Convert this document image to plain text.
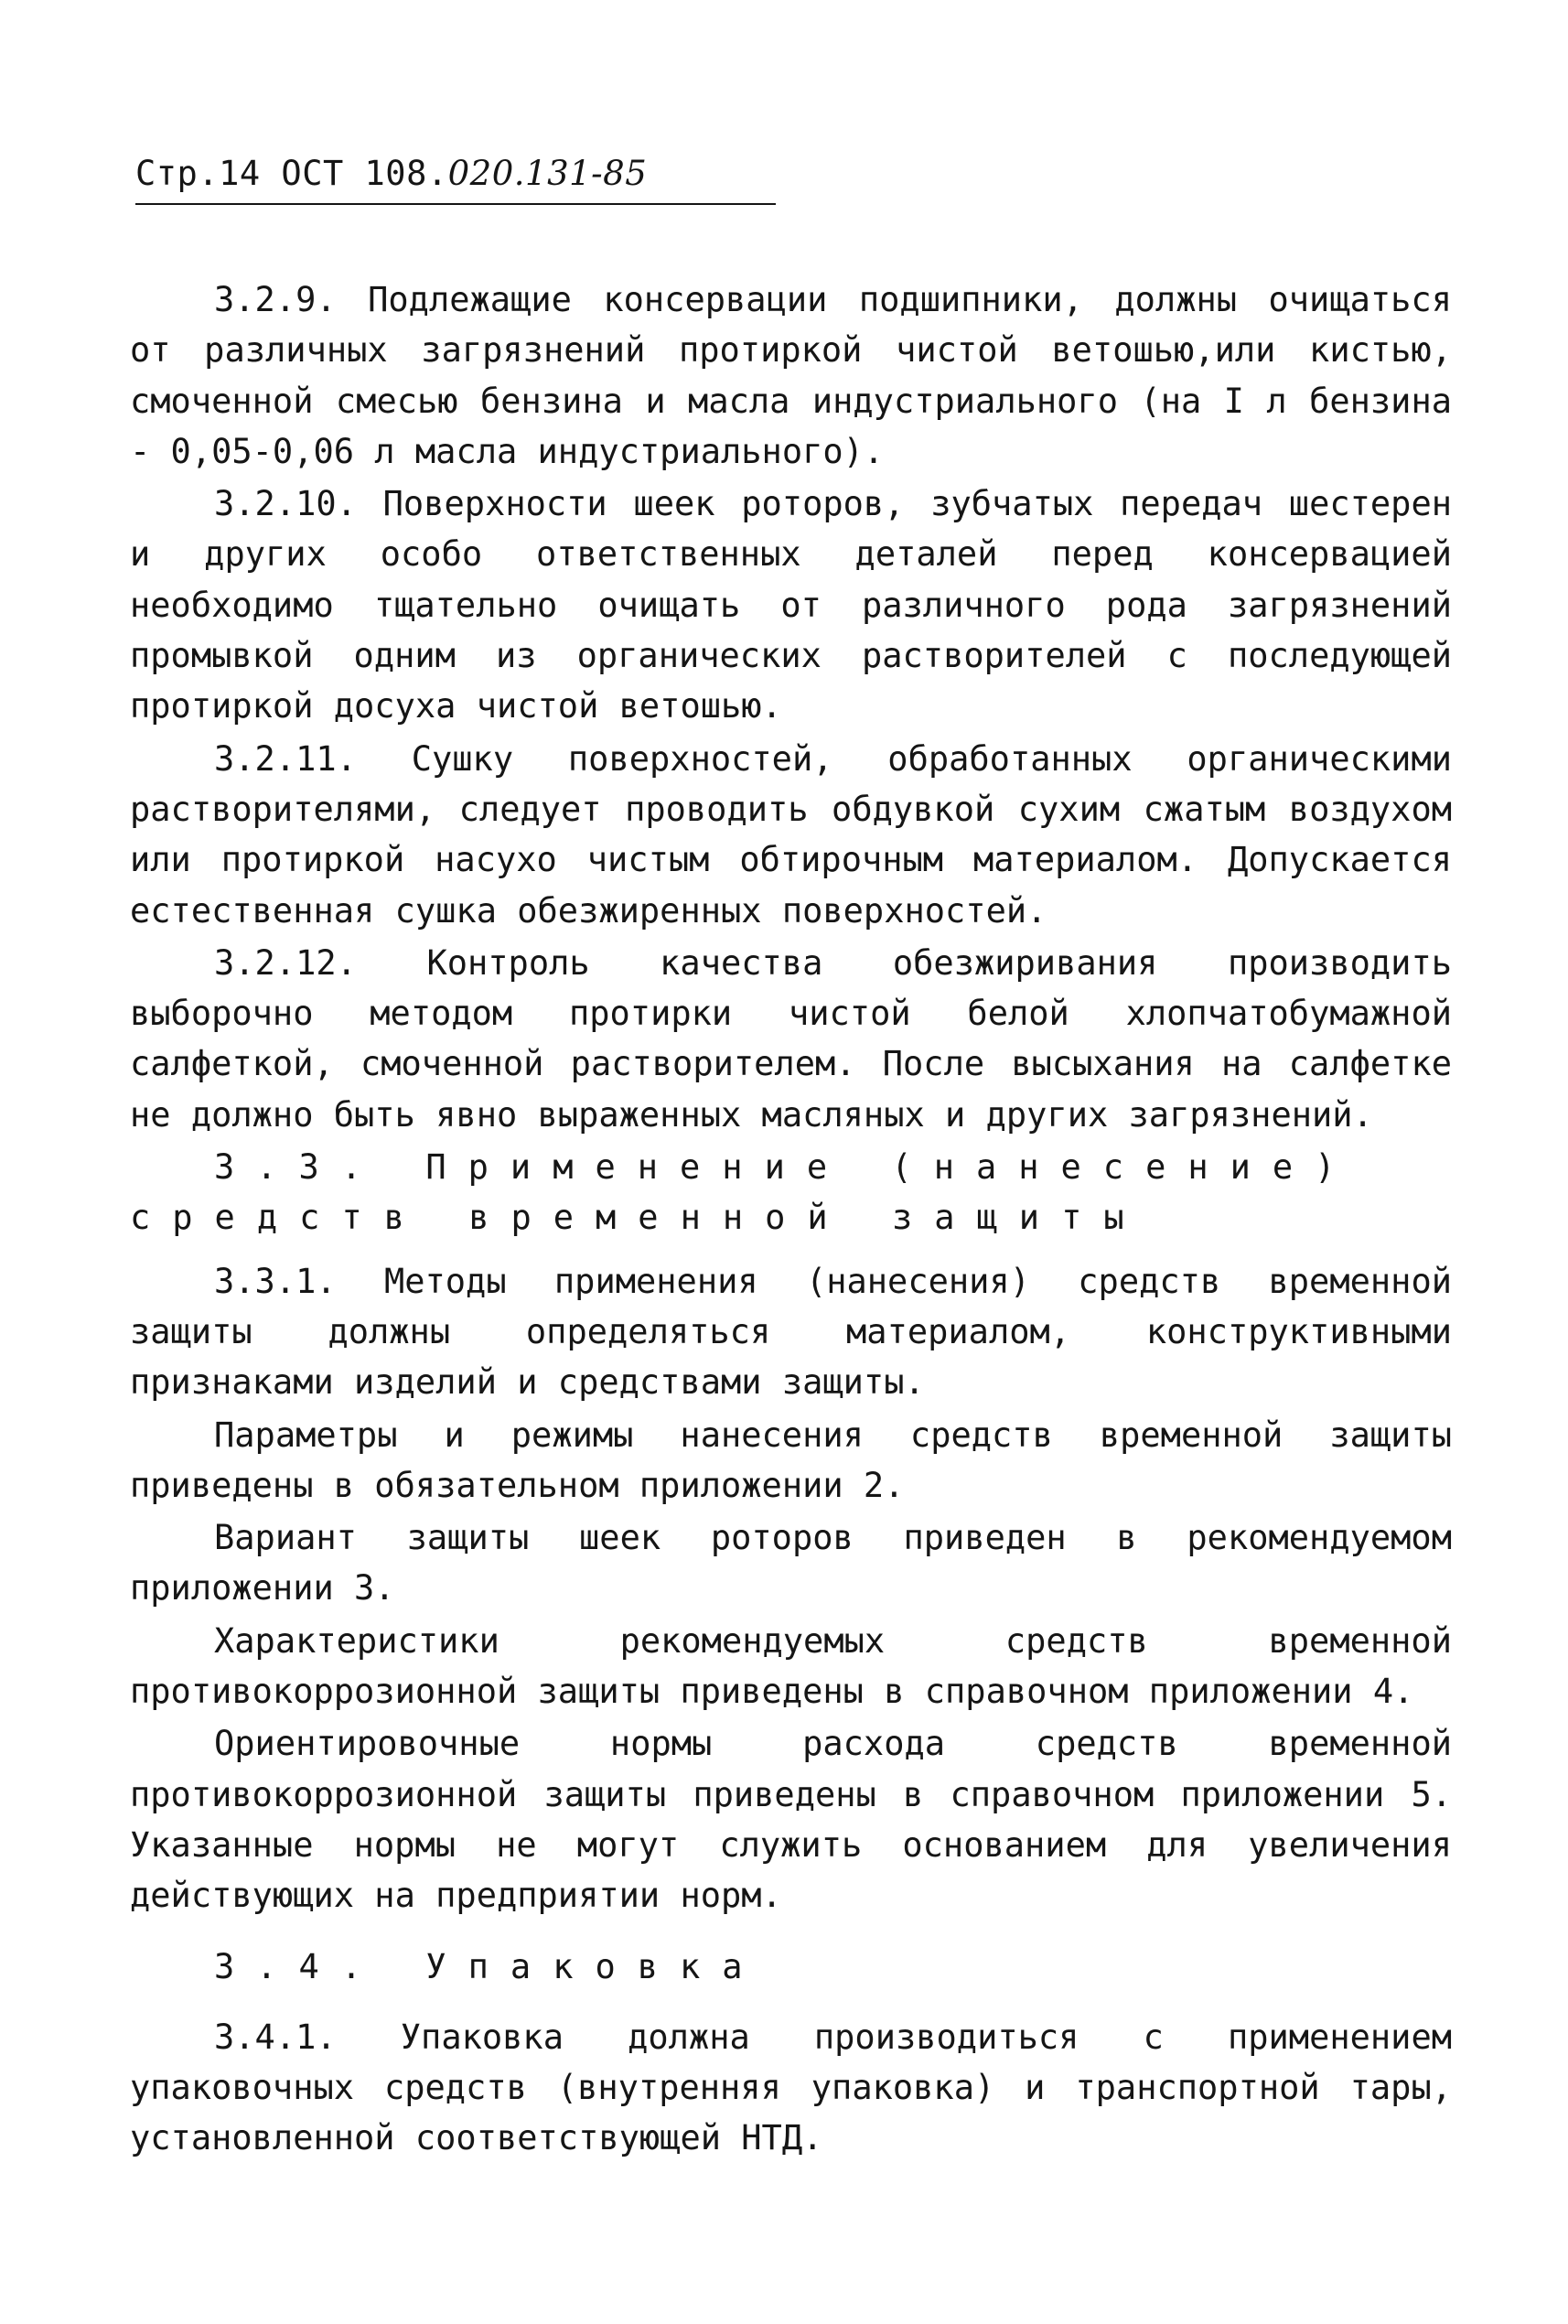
Стр.14 ОСТ 108.020.131-85

3.2.9. Подлежащие консервации подшипники, должны очищаться от различных загрязнений протиркой чистой ветошью,или кистью, смоченной смесью бензина и масла индустриального (на I л бензина - 0,05-0,06 л масла индустриального).

3.2.10. Поверхности шеек роторов, зубчатых передач шестерен и других особо ответственных деталей перед консервацией необходимо тщательно очищать от различного рода загрязнений промывкой одним из органических растворителей с последующей протиркой досуха чистой ветошью.

3.2.11. Сушку поверхностей, обработанных органическими растворителями, следует проводить обдувкой сухим сжатым воздухом или протиркой насухо чистым обтирочным материалом. Допускается естественная сушка обезжиренных поверхностей.

3.2.12. Контроль качества обезжиривания производить выборочно методом протирки чистой белой хлопчатобумажной салфеткой, смоченной растворителем. После высыхания на салфетке не должно быть явно выраженных масляных и других загрязнений.

3.3. Применение (нанесение) средств временной защиты

3.3.1. Методы применения (нанесения) средств временной защиты должны определяться материалом, конструктивными признаками изделий и средствами защиты.

Параметры и режимы нанесения средств временной защиты приведены в обязательном приложении 2.

Вариант защиты шеек роторов приведен в рекомендуемом приложении 3.

Характеристики рекомендуемых средств временной противокоррозионной защиты приведены в справочном приложении 4.

Ориентировочные нормы расхода средств временной противокоррозионной защиты приведены в справочном приложении 5. Указанные нормы не могут служить основанием для увеличения действующих на предприятии норм.

3.4. Упаковка

3.4.1. Упаковка должна производиться с применением упаковочных средств (внутренняя упаковка) и транспортной тары, установленной соответствующей НТД.
